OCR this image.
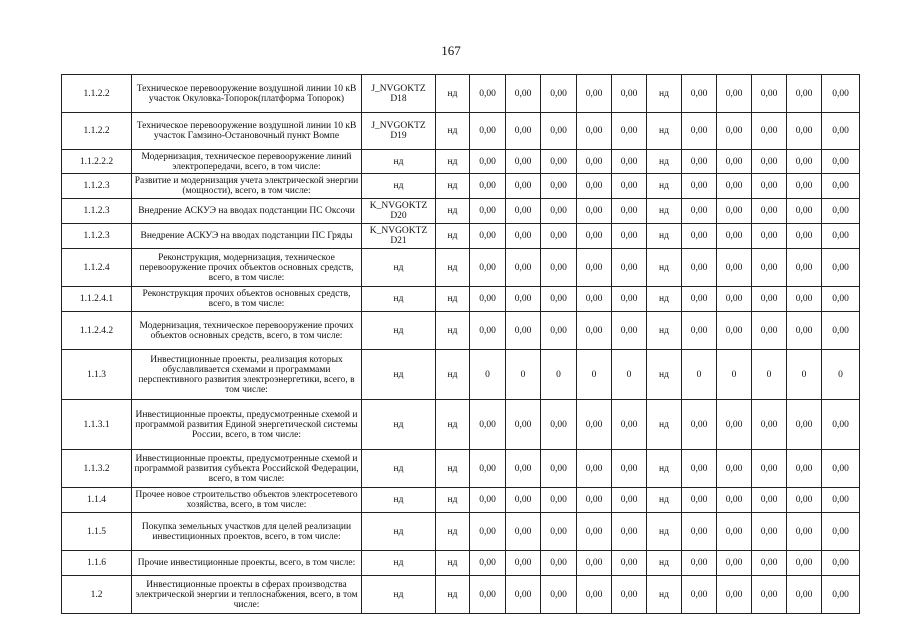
167
1.1.2.2	Техническое перевооружение воздушной линии 10 кВ участок Окуловка-Топорок(платформа Топорок)	J_NVGOKTZ D18	нд	0,00	0,00	0,00	0,00	0,00	нд	0,00	0,00	0,00	0,00	0,00
1.1.2.2	Техническое перевооружение воздушной линии 10 кВ участок Гамзино-Остановочный пункт Вомпе	J_NVGOKTZ D19	нд	0,00	0,00	0,00	0,00	0,00	нд	0,00	0,00	0,00	0,00	0,00
1.1.2.2.2	Модернизация, техническое перевооружение линий электропередачи, всего, в том числе:	нд	нд	0,00	0,00	0,00	0,00	0,00	нд	0,00	0,00	0,00	0,00	0,00
1.1.2.3	Развитие и модернизация учета электрической энергии (мощности), всего, в том числе:	нд	нд	0,00	0,00	0,00	0,00	0,00	нд	0,00	0,00	0,00	0,00	0,00
1.1.2.3	Внедрение АСКУЭ на вводах подстанции ПС Оксочи	K_NVGOKTZ D20	нд	0,00	0,00	0,00	0,00	0,00	нд	0,00	0,00	0,00	0,00	0,00
1.1.2.3	Внедрение АСКУЭ на вводах подстанции ПС Гряды	K_NVGOKTZ D21	нд	0,00	0,00	0,00	0,00	0,00	нд	0,00	0,00	0,00	0,00	0,00
1.1.2.4	Реконструкция, модернизация, техническое перевооружение прочих объектов основных средств, всего, в том числе:	нд	нд	0,00	0,00	0,00	0,00	0,00	нд	0,00	0,00	0,00	0,00	0,00
1.1.2.4.1	Реконструкция прочих объектов основных средств, всего, в том числе:	нд	нд	0,00	0,00	0,00	0,00	0,00	нд	0,00	0,00	0,00	0,00	0,00
1.1.2.4.2	Модернизация, техническое перевооружение прочих объектов основных средств, всего, в том числе:	нд	нд	0,00	0,00	0,00	0,00	0,00	нд	0,00	0,00	0,00	0,00	0,00
1.1.3	Инвестиционные проекты, реализация которых обуславливается схемами и программами перспективного развития электроэнергетики, всего, в том числе:	нд	нд	0	0	0	0	0	нд	0	0	0	0	0
1.1.3.1	Инвестиционные проекты, предусмотренные схемой и программой развития Единой энергетической системы России, всего, в том числе:	нд	нд	0,00	0,00	0,00	0,00	0,00	нд	0,00	0,00	0,00	0,00	0,00
1.1.3.2	Инвестиционные проекты, предусмотренные схемой и программой развития субъекта Российской Федерации, всего, в том числе:	нд	нд	0,00	0,00	0,00	0,00	0,00	нд	0,00	0,00	0,00	0,00	0,00
1.1.4	Прочее новое строительство объектов электросетевого хозяйства, всего, в том числе:	нд	нд	0,00	0,00	0,00	0,00	0,00	нд	0,00	0,00	0,00	0,00	0,00
1.1.5	Покупка земельных участков для целей реализации инвестиционных проектов, всего, в том числе:	нд	нд	0,00	0,00	0,00	0,00	0,00	нд	0,00	0,00	0,00	0,00	0,00
1.1.6	Прочие инвестиционные проекты, всего, в том числе:	нд	нд	0,00	0,00	0,00	0,00	0,00	нд	0,00	0,00	0,00	0,00	0,00
1.2	Инвестиционные проекты в сферах производства электрической энергии и теплоснабжения, всего, в том числе:	нд	нд	0,00	0,00	0,00	0,00	0,00	нд	0,00	0,00	0,00	0,00	0,00
